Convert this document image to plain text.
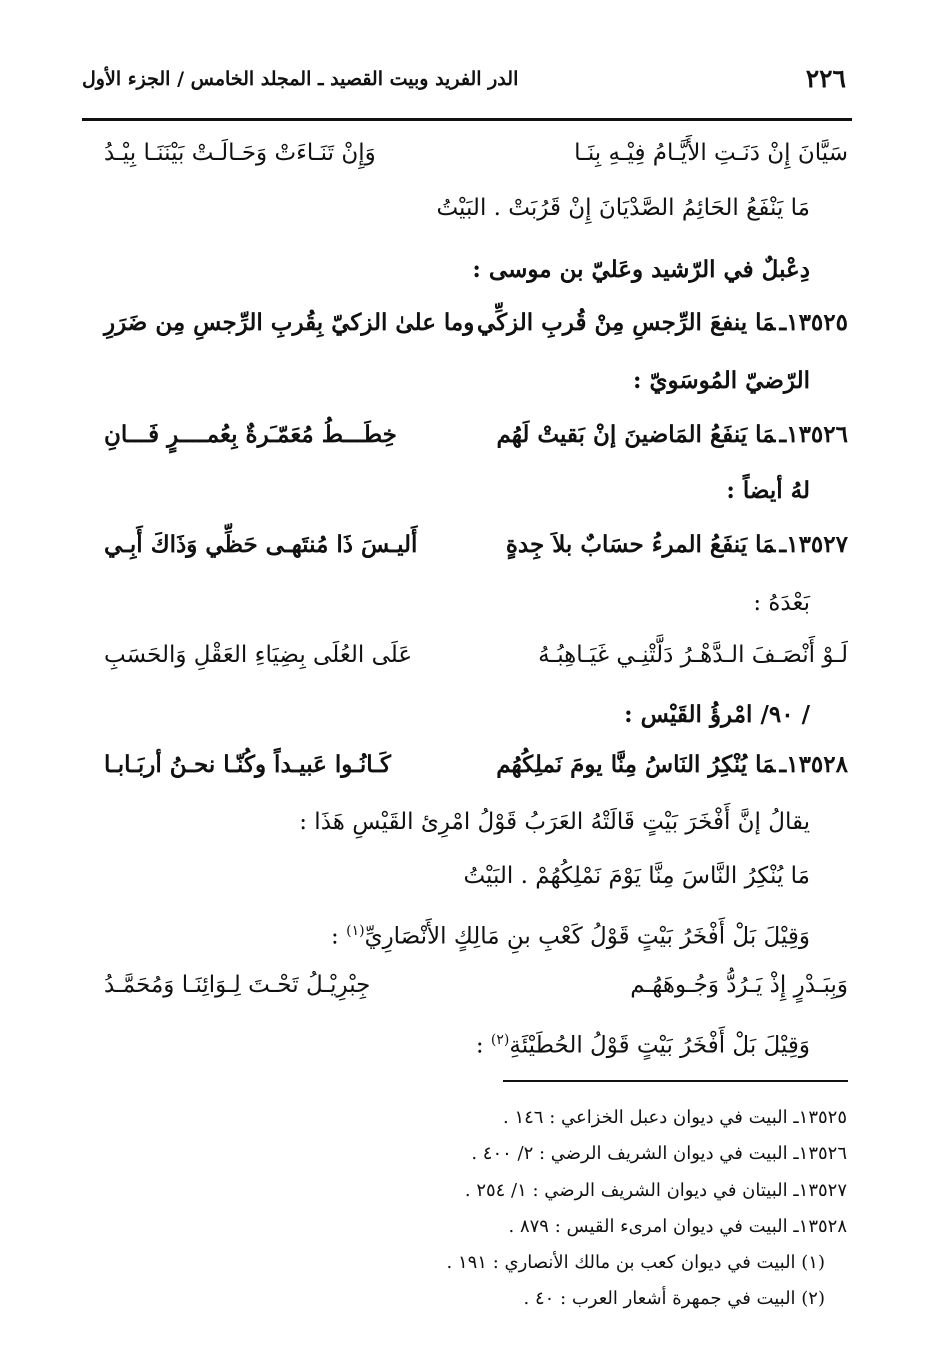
٢٢٦
الدر الفريد وبيت القصيد ـ المجلد الخامس / الجزء الأول
سَيَّانَ إِنْ دَنَـتِ الأَيَّـامُ فِيْـهِ بِنَـا
وَإِنْ تَنَـاءَتْ وَحَـالَـتْ بَيْنَنَـا بِيْـدُ
مَا يَنْفَعُ الحَائِمُ الصَّدْيَانَ إِنْ قَرُبَتْ . البَيْتُ
دِعْبلٌ في الرّشيد وعَليّ بن موسى :
١٣٥٢٥ـمَا ينفعَ الرِّجسِ مِنْ قُربِ الزكِّي
وما علىٰ الزكيّ بِقُربِ الرِّجسِ مِن ضَرَرِ
الرّضيّ المُوسَويّ :
١٣٥٢٦ـمَا يَنفَعُ المَاضينَ إنْ بَقيتْ لَهُم
خِطَـــطُ مُعَمّـَرةٌ بِعُمــــرٍ فَـــانِ
لهُ أيضاً :
١٣٥٢٧ـمَا يَنفَعُ المرءُ حسَابٌ بلاَ جِدةٍ
أَليـسَ ذَا مُنتَهـى حَظِّي وَذَاكَ أَبِـي
بَعْدَهُ :
لَـوْ أَنْصَـفَ الـدَّهْـرُ دَلَّتْنِـي غَيَـاهِبُـهُ
عَلَى العُلَى بِضِيَاءِ العَقْلِ وَالحَسَبِ
/ ٩٠/ امْرؤُ القَيْس :
١٣٥٢٨ـمَا يُنْكِرُ النَاسُ مِنَّا يومَ نَملِكُهُم
كَـانُـوا عَبيـداً وكُنّـا نحـنُ أربَـابـا
يقالُ إنَّ أَفْخَرَ بَيْتٍ قَالَتْهُ العَرَبُ قَوْلُ امْرِئ القَيْسِ هَذَا :
مَا يُنْكِرُ النَّاسَ مِنَّا يَوْمَ نَمْلِكُهُمْ . البَيْتُ
وَقِيْلَ بَلْ أَفْخَرُ بَيْتٍ قَوْلُ كَعْبِ بنِ مَالِكٍ الأَنْصَارِيِّ$^{(١)}$ :
وَبِبَـدْرٍ إِذْ يَـرُدُّ وَجُـوهَهُـم
جِبْرِيْـلُ تَحْـتَ لِـوَائِنَـا وَمُحَمَّـدُ
وَقِيْلَ بَلْ أَفْخَرُ بَيْتٍ قَوْلُ الحُطَيْئَةِ$^{(٢)}$ :
١٣٥٢٥ـ البيت في ديوان دعبل الخزاعي : ١٤٦ .
١٣٥٢٦ـ البيت في ديوان الشريف الرضي : ٢/ ٤٠٠ .
١٣٥٢٧ـ البيتان في ديوان الشريف الرضي : ١/ ٢٥٤ .
١٣٥٢٨ـ البيت في ديوان امرىء القيس : ٨٧٩ .
(١) البيت في ديوان كعب بن مالك الأنصاري : ١٩١ .
(٢) البيت في جمهرة أشعار العرب : ٤٠ .
